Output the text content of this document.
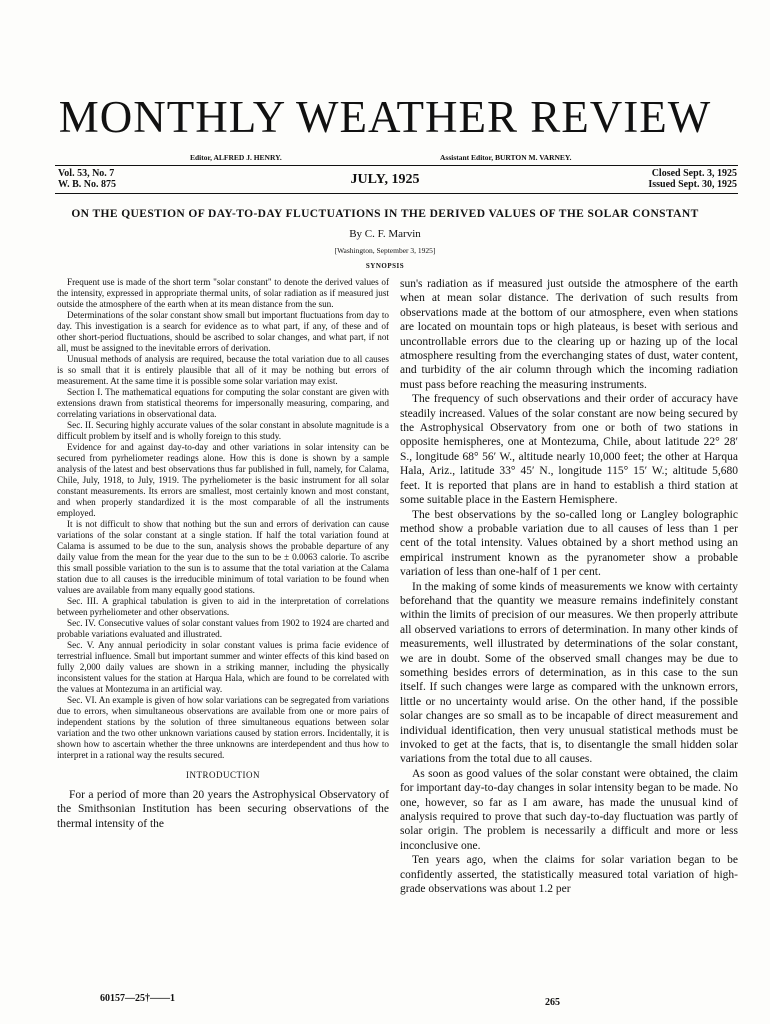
MONTHLY WEATHER REVIEW
Editor, ALFRED J. HENRY.	Assistant Editor, BURTON M. VARNEY.
Vol. 53, No. 7
W. B. No. 875	JULY, 1925	Closed Sept. 3, 1925
Issued Sept. 30, 1925
ON THE QUESTION OF DAY-TO-DAY FLUCTUATIONS IN THE DERIVED VALUES OF THE SOLAR CONSTANT
By C. F. Marvin
[Washington, September 3, 1925]
SYNOPSIS

Frequent use is made of the short term "solar constant" to denote the derived values of the intensity, expressed in appropriate thermal units, of solar radiation as if measured just outside the atmosphere of the earth when at its mean distance from the sun.

Determinations of the solar constant show small but important fluctuations from day to day. This investigation is a search for evidence as to what part, if any, of these and of other short-period fluctuations, should be ascribed to solar changes, and what part, if not all, must be assigned to the inevitable errors of derivation.

Unusual methods of analysis are required, because the total variation due to all causes is so small that it is entirely plausible that all of it may be nothing but errors of measurement. At the same time it is possible some solar variation may exist.

Section I. The mathematical equations for computing the solar constant are given with extensions drawn from statistical theorems for impersonally measuring, comparing, and correlating variations in observational data.

Sec. II. Securing highly accurate values of the solar constant in absolute magnitude is a difficult problem by itself and is wholly foreign to this study.

Evidence for and against day-to-day and other variations in solar intensity can be secured from pyrheliometer readings alone. How this is done is shown by a sample analysis of the latest and best observations thus far published in full, namely, for Calama, Chile, July, 1918, to July, 1919. The pyrheliometer is the basic instrument for all solar constant measurements. Its errors are smallest, most certainly known and most constant, and when properly standardized it is the most comparable of all the instruments employed.

It is not difficult to show that nothing but the sun and errors of derivation can cause variations of the solar constant at a single station. If half the total variation found at Calama is assumed to be due to the sun, analysis shows the probable departure of any daily value from the mean for the year due to the sun to be ± 0.0063 calorie. To ascribe this small possible variation to the sun is to assume that the total variation at the Calama station due to all causes is the irreducible minimum of total variation to be found when values are available from many equally good stations.

Sec. III. A graphical tabulation is given to aid in the interpretation of correlations between pyrheliometer and other observations.

Sec. IV. Consecutive values of solar constant values from 1902 to 1924 are charted and probable variations evaluated and illustrated.

Sec. V. Any annual periodicity in solar constant values is prima facie evidence of terrestrial influence. Small but important summer and winter effects of this kind based on fully 2,000 daily values are shown in a striking manner, including the physically inconsistent values for the station at Harqua Hala, which are found to be correlated with the values at Montezuma in an artificial way.

Sec. VI. An example is given of how solar variations can be segregated from variations due to errors, when simultaneous observations are available from one or more pairs of independent stations by the solution of three simultaneous equations between solar variation and the two other unknown variations caused by station errors. Incidentally, it is shown how to ascertain whether the three unknowns are interdependent and thus how to interpret in a rational way the results secured.

INTRODUCTION

For a period of more than 20 years the Astrophysical Observatory of the Smithsonian Institution has been securing observations of the thermal intensity of the

sun's radiation as if measured just outside the atmosphere of the earth when at mean solar distance. The derivation of such results from observations made at the bottom of our atmosphere, even when stations are located on mountain tops or high plateaus, is beset with serious and uncontrollable errors due to the clearing up or hazing up of the local atmosphere resulting from the everchanging states of dust, water content, and turbidity of the air column through which the incoming radiation must pass before reaching the measuring instruments.

The frequency of such observations and their order of accuracy have steadily increased. Values of the solar constant are now being secured by the Astrophysical Observatory from one or both of two stations in opposite hemispheres, one at Montezuma, Chile, about latitude 22° 28′ S., longitude 68° 56′ W., altitude nearly 10,000 feet; the other at Harqua Hala, Ariz., latitude 33° 45′ N., longitude 115° 15′ W.; altitude 5,680 feet. It is reported that plans are in hand to establish a third station at some suitable place in the Eastern Hemisphere.

The best observations by the so-called long or Langley bolographic method show a probable variation due to all causes of less than 1 per cent of the total intensity. Values obtained by a short method using an empirical instrument known as the pyranometer show a probable variation of less than one-half of 1 per cent.

In the making of some kinds of measurements we know with certainty beforehand that the quantity we measure remains indefinitely constant within the limits of precision of our measures. We then properly attribute all observed variations to errors of determination. In many other kinds of measurements, well illustrated by determinations of the solar constant, we are in doubt. Some of the observed small changes may be due to something besides errors of determination, as in this case to the sun itself. If such changes were large as compared with the unknown errors, little or no uncertainty would arise. On the other hand, if the possible solar changes are so small as to be incapable of direct measurement and individual identification, then very unusual statistical methods must be invoked to get at the facts, that is, to disentangle the small hidden solar variations from the total due to all causes.

As soon as good values of the solar constant were obtained, the claim for important day-to-day changes in solar intensity began to be made. No one, however, so far as I am aware, has made the unusual kind of analysis required to prove that such day-to-day fluctuation was partly of solar origin. The problem is necessarily a difficult and more or less inconclusive one.

Ten years ago, when the claims for solar variation began to be confidently asserted, the statistically measured total variation of high-grade observations was about 1.2 per

60157—25†——1	265
